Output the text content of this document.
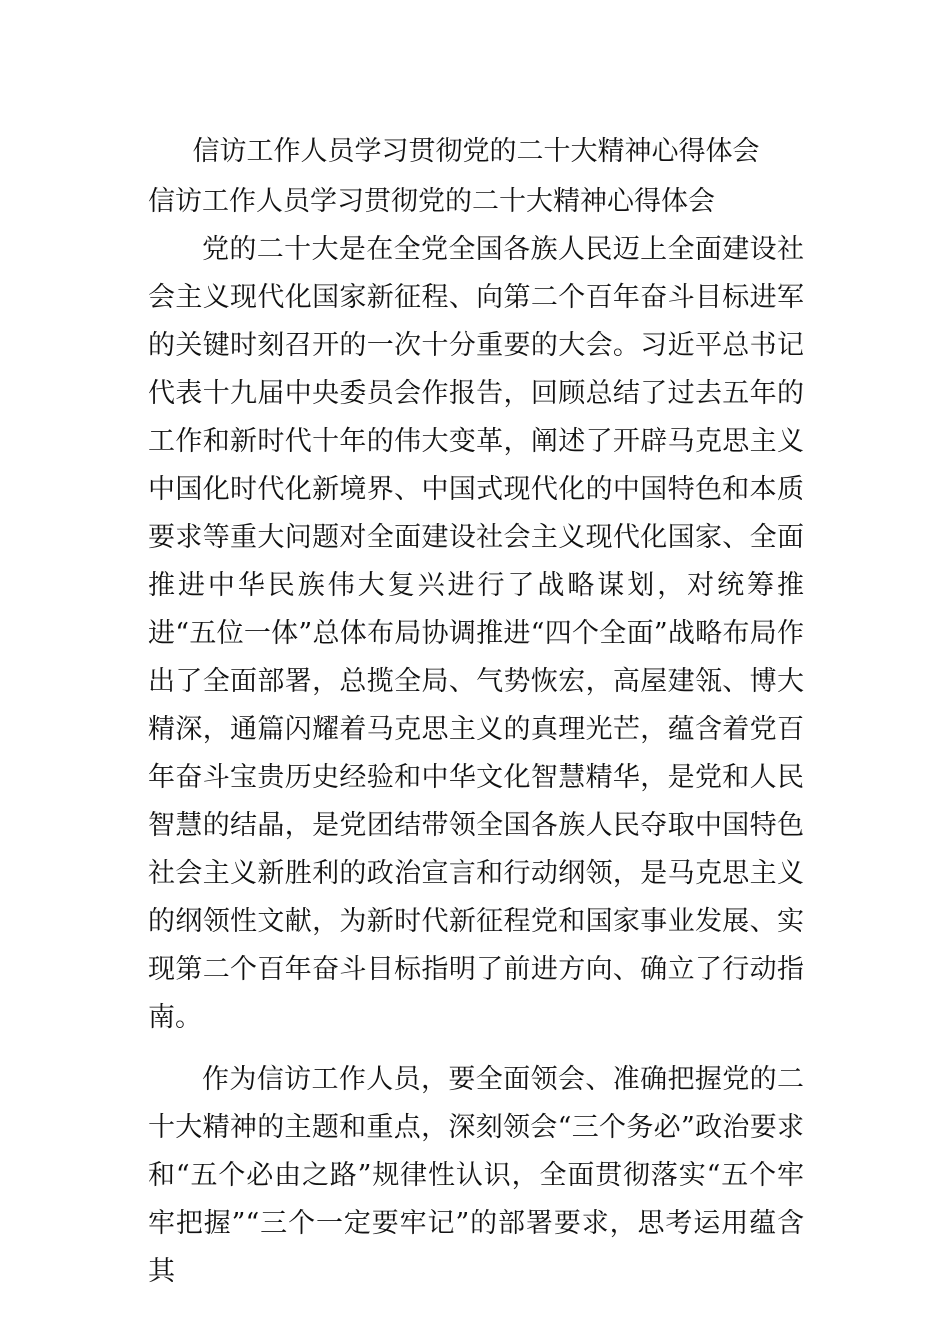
信访工作人员学习贯彻党的二十大精神心得体会
信访工作人员学习贯彻党的二十大精神心得体会

党的二十大是在全党全国各族人民迈上全面建设社会主义现代化国家新征程、向第二个百年奋斗目标进军的关键时刻召开的一次十分重要的大会。习近平总书记代表十九届中央委员会作报告，回顾总结了过去五年的工作和新时代十年的伟大变革，阐述了开辟马克思主义中国化时代化新境界、中国式现代化的中国特色和本质要求等重大问题对全面建设社会主义现代化国家、全面推进中华民族伟大复兴进行了战略谋划，对统筹推进“五位一体”总体布局协调推进“四个全面”战略布局作出了全面部署，总揽全局、气势恢宏，高屋建瓴、博大精深，通篇闪耀着马克思主义的真理光芒，蕴含着党百年奋斗宝贵历史经验和中华文化智慧精华，是党和人民智慧的结晶，是党团结带领全国各族人民夺取中国特色社会主义新胜利的政治宣言和行动纲领，是马克思主义的纲领性文献，为新时代新征程党和国家事业发展、实现第二个百年奋斗目标指明了前进方向、确立了行动指南。

作为信访工作人员，要全面领会、准确把握党的二十大精神的主题和重点，深刻领会“三个务必”政治要求和“五个必由之路”规律性认识，全面贯彻落实“五个牢牢把握”“三个一定要牢记”的部署要求，思考运用蕴含其
